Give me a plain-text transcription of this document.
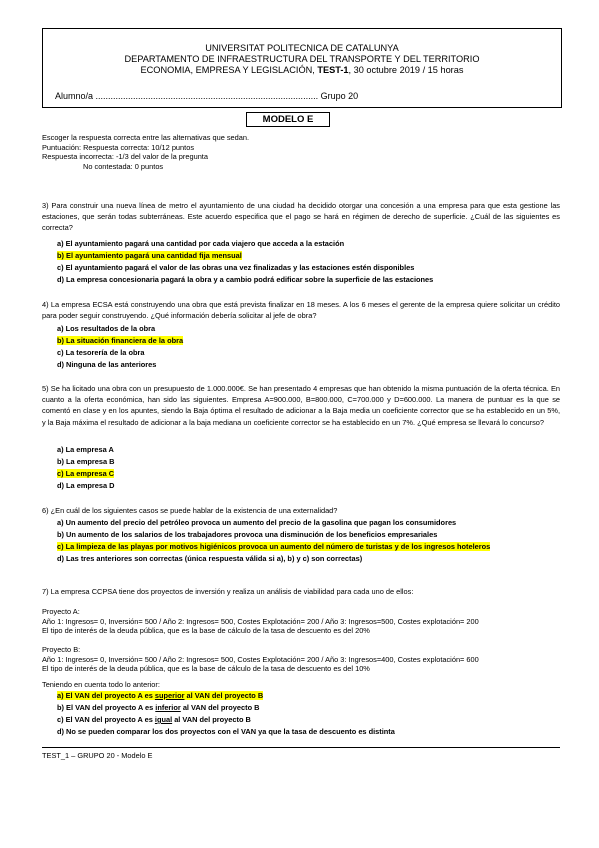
UNIVERSITAT POLITECNICA DE CATALUNYA
DEPARTAMENTO DE INFRAESTRUCTURA DEL TRANSPORTE Y DEL TERRITORIO
ECONOMIA, EMPRESA Y LEGISLACIÓN, TEST-1, 30 octubre 2019 / 15 horas
Alumno/a ......................................................................................... Grupo 20
MODELO E
Escoger la respuesta correcta entre las alternativas que sedan.
Puntuación: Respuesta correcta: 10/12 puntos
Respuesta incorrecta: -1/3 del valor de la pregunta
No contestada: 0 puntos
3) Para construir una nueva línea de metro el ayuntamiento de una ciudad ha decidido otorgar una concesión a una empresa para que esta gestione las estaciones, que serán todas subterráneas. Este acuerdo especifica que el pago se hará en régimen de derecho de superficie. ¿Cuál de las siguientes es correcta?
a) El ayuntamiento pagará una cantidad por cada viajero que acceda a la estación
b) El ayuntamiento pagará una cantidad fija mensual
c) El ayuntamiento pagará el valor de las obras una vez finalizadas y las estaciones estén disponibles
d) La empresa concesionaria pagará la obra y a cambio podrá edificar sobre la superficie de las estaciones
4) La empresa ECSA está construyendo una obra que está prevista finalizar en 18 meses. A los 6 meses el gerente de la empresa quiere solicitar un crédito para poder seguir construyendo. ¿Qué información debería solicitar al jefe de obra?
a) Los resultados de la obra
b) La situación financiera de la obra
c) La tesorería de la obra
d) Ninguna de las anteriores
5) Se ha licitado una obra con un presupuesto de 1.000.000€. Se han presentado 4 empresas que han obtenido la misma puntuación de la oferta técnica. En cuanto a la oferta económica, han sido las siguientes. Empresa A=900.000, B=800.000, C=700.000 y D=600.000. La manera de puntuar es la que se comentó en clase y en los apuntes, siendo la Baja óptima el resultado de adicionar a la Baja media un coeficiente corrector que se ha establecido en un 5%, y la Baja máxima el resultado de adicionar a la baja mediana un coeficiente corrector se ha establecido en un 7%. ¿Qué empresa se llevará lo concurso?
a) La empresa A
b) La empresa B
c) La empresa C
d) La empresa D
6) ¿En cuál de los siguientes casos se puede hablar de la existencia de una externalidad?
a) Un aumento del precio del petróleo provoca un aumento del precio de la gasolina que pagan los consumidores
b) Un aumento de los salarios de los trabajadores provoca una disminución de los beneficios empresariales
c) La limpieza de las playas por motivos higiénicos provoca un aumento del número de turistas y de los ingresos hoteleros
d) Las tres anteriores son correctas (única respuesta válida si a), b) y c) son correctas)
7) La empresa CCPSA tiene dos proyectos de inversión y realiza un análisis de viabilidad para cada uno de ellos:
Proyecto A:
Año 1: Ingresos= 0, Inversión= 500 / Año 2: Ingresos= 500, Costes Explotación= 200 / Año 3: Ingresos=500, Costes explotación= 200
El tipo de interés de la deuda pública, que es la base de cálculo de la tasa de descuento es del 20%
Proyecto B:
Año 1: Ingresos= 0, Inversión= 500 / Año 2: Ingresos= 500, Costes Explotación= 200 / Año 3: Ingresos=400, Costes explotación= 600
El tipo de interés de la deuda pública, que es la base de cálculo de la tasa de descuento es del 10%
Teniendo en cuenta todo lo anterior:
a) El VAN del proyecto A es superior al VAN del proyecto B
b) El VAN del proyecto A es inferior al VAN del proyecto B
c) El VAN del proyecto A es igual al VAN del proyecto B
d) No se pueden comparar los dos proyectos con el VAN ya que la tasa de descuento es distinta
TEST_1 – GRUPO 20 - Modelo E
